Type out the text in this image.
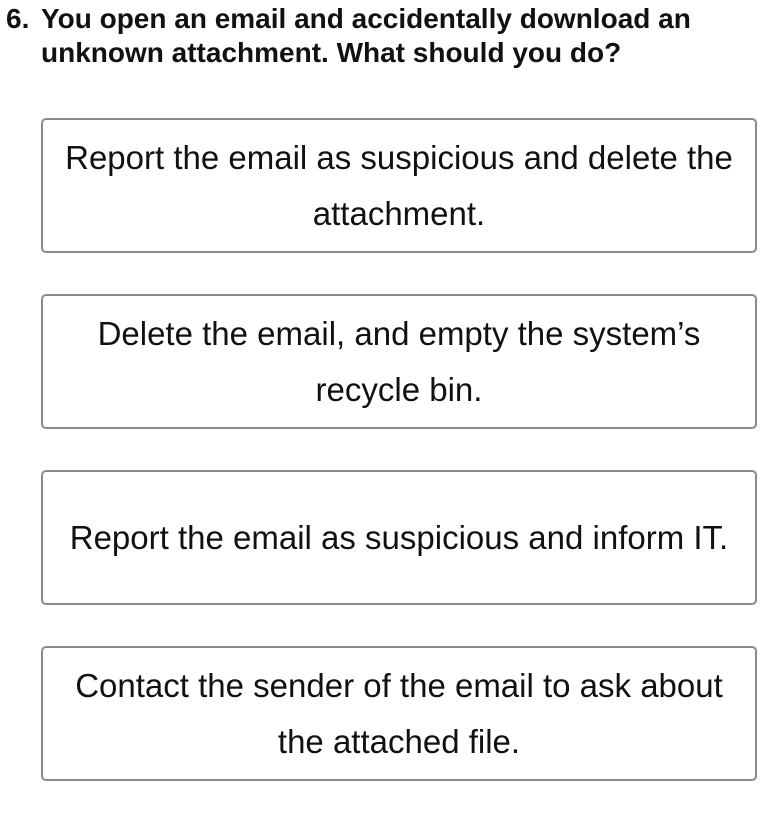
6. You open an email and accidentally download an unknown attachment. What should you do?
Report the email as suspicious and delete the attachment.
Delete the email, and empty the system’s recycle bin.
Report the email as suspicious and inform IT.
Contact the sender of the email to ask about the attached file.
